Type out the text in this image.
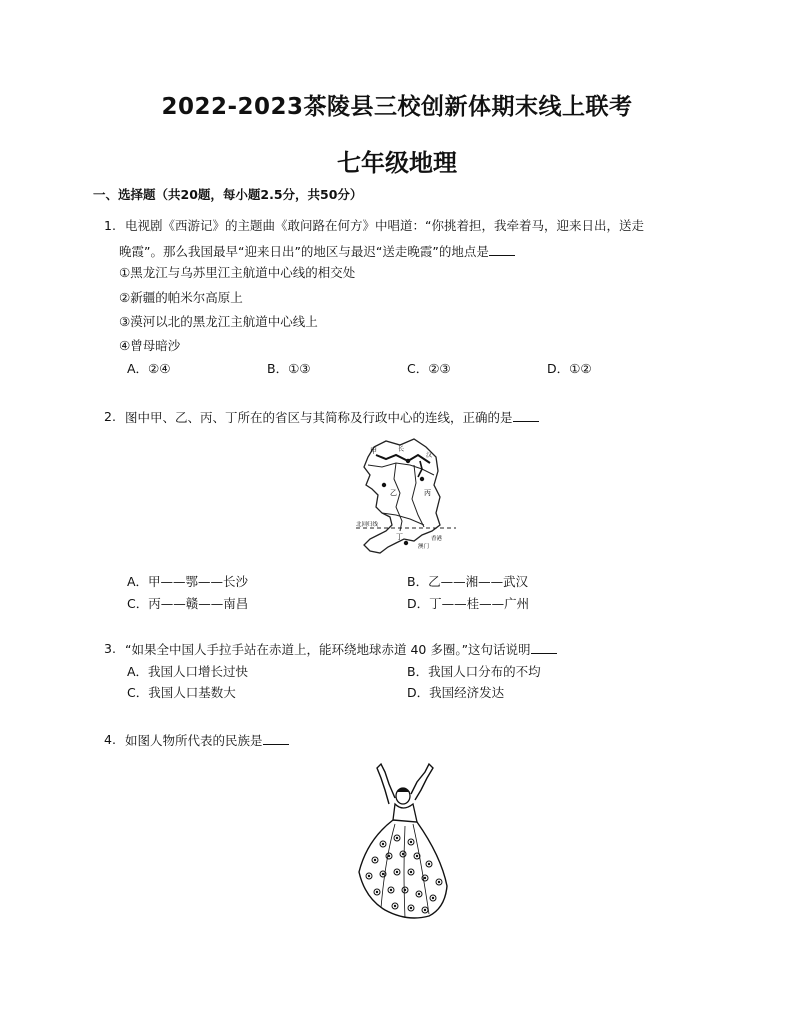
2022-2023茶陵县三校创新体期末线上联考
七年级地理
一、选择题（共20题，每小题2.5分，共50分）
1. 电视剧《西游记》的主题曲《敢问路在何方》中唱道：“你挑着担，我牵着马，迎来日出，送走
晚霞”。那么我国最早“迎来日出”的地区与最迟“送走晚霞”的地点是
①黑龙江与乌苏里江主航道中心线的相交处
②新疆的帕米尔高原上
③漠河以北的黑龙江主航道中心线上
④曾母暗沙
A．②④	B．①③	C．②③	D．①②
2. 图中甲、乙、丙、丁所在的省区与其简称及行政中心的连线，正确的是
甲	长
汉
乙	丙
北回归线
丁	香港
澳门
A．甲——鄂——长沙	B．乙——湘——武汉
C．丙——赣——南昌	D．丁——桂——广州
3. “如果全中国人手拉手站在赤道上，能环绕地球赤道 40 多圈。”这句话说明
A．我国人口增长过快	B．我国人口分布的不均
C．我国人口基数大	D．我国经济发达
4. 如图人物所代表的民族是
